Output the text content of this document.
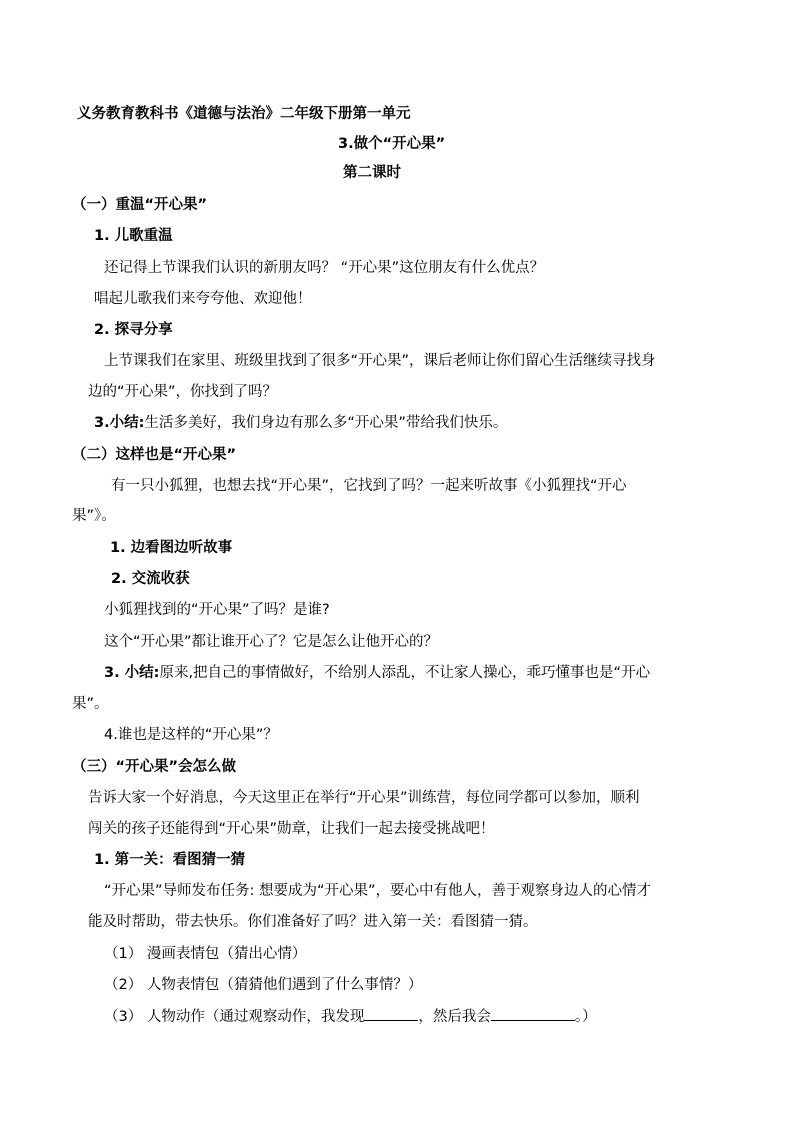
义务教育教科书《道德与法治》二年级下册第一单元
3.做个“开心果”
第二课时
（一）重温“开心果”
1. 儿歌重温
还记得上节课我们认识的新朋友吗？ “开心果”这位朋友有什么优点？
唱起儿歌我们来夸夸他、欢迎他！
2. 探寻分享
上节课我们在家里、班级里找到了很多“开心果”，课后老师让你们留心生活继续寻找身
边的“开心果”，你找到了吗？
3.小结:生活多美好，我们身边有那么多“开心果”带给我们快乐。
（二）这样也是“开心果”
有一只小狐狸，也想去找“开心果”，它找到了吗？一起来听故事《小狐狸找“开心
果”》。
1. 边看图边听故事
2. 交流收获
小狐狸找到的“开心果”了吗？是谁?
这个“开心果”都让谁开心了？它是怎么让他开心的？
3. 小结:原来,把自己的事情做好，不给别人添乱，不让家人操心，乖巧懂事也是“开心
果”。
4.谁也是这样的“开心果”？
（三）“开心果”会怎么做
告诉大家一个好消息，今天这里正在举行“开心果”训练营，每位同学都可以参加，顺利
闯关的孩子还能得到“开心果”勋章，让我们一起去接受挑战吧！
1. 第一关：看图猜一猜
“开心果”导师发布任务: 想要成为“开心果”，要心中有他人，善于观察身边人的心情才
能及时帮助，带去快乐。你们准备好了吗？进入第一关：看图猜一猜。
（1） 漫画表情包（猜出心情）
（2） 人物表情包（猜猜他们遇到了什么事情？）
（3） 人物动作（通过观察动作，我发现	，然后我会	。）
